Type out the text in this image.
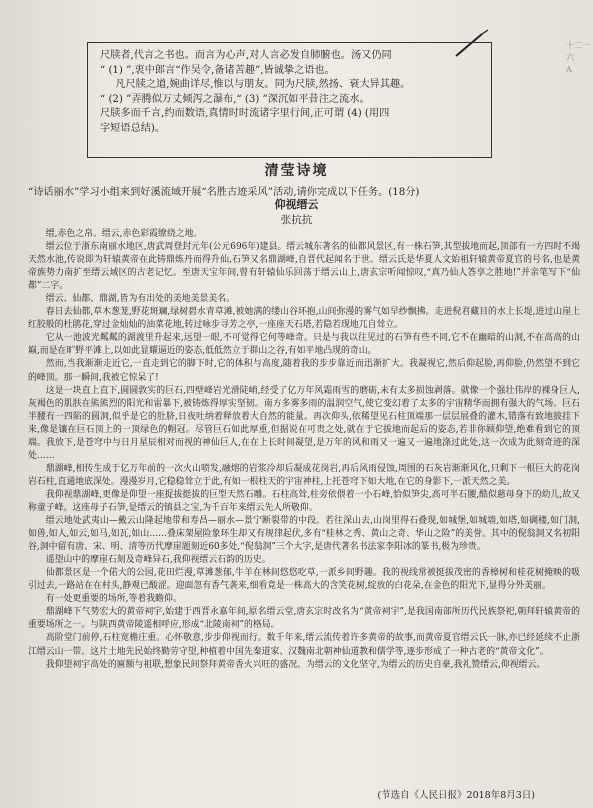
尺牍者,代言之书也。而言为心声,对人言必发自肺腑也。汤又仍同

“ (1) ”,衷中郎言“作吴令,备诸苦趣”,皆诚挚之语也。

凡尺牍之道,婉曲详尽,惟以与朋友。同为尺牍,然扬、衰大异其趣。

“ (2) ”弄腾似万丈倾泻之瀑布,“ (3) ”深沉如平昔注之流水。

尺牍多而千言,约而数语,真情时时流诸字里行间,正可谓 (4) (用四

字短语总结)。

清莹诗境
“诗话丽水”学习小组来到好溪流域开展“名胜古迹采风”活动,请你完成以下任务。(18分)
仰视缙云
张抗抗

缙,赤色之帛。缙云,赤色彩霞缭绕之地。

缙云位于浙东南丽水地区,唐武周登封元年(公元696年)建县。缙云城东著名的仙都风景区,有一株石笋,其型拔地而起,顶部有一方四时不竭天然水池,传说即为轩辕黄帝在此铸鼎炼丹而得升仙,石笋又名鼎湖峰,自晋代起闻名于世。缙云氏是华夏人文始祖轩辕黄帝夏官的号名,也是黄帝族势力南扩至缙云域区的古老记忆。至唐天宝年间,曾有轩辕仙乐回荡于缙云山上,唐玄宗听闻惊叹,“真乃仙人答享之胜地!”并亲笔写下“仙都”二字。

缙云、仙都、鼎湖,皆为有出处的美地美景美名。

春日去仙都,草木葱茏,野花斑斓,绿树碧水青草滩,被她满的缕山谷环抱,山间弥漫的雾气如早纱飘拂。走进倪君藏目的水上长堤,进过山崖上红胶般的杜鹃花,穿过金灿灿的油菜花地,转过咏步寻芳之亭,一座座天石塔,若隐若现地兀自耸立。

它从一池波光粼粼的湖渡里升起来,远望一眼,不可觉得它何等峰奇。只是与我以往见过的石笋有些不同,它不在幽暗的山洞,不在高高的山巅,而是在旷野平滩上,以如此显耀逼近的姿态,低低然立于群山之谷,有如平地凸现的奇山。

然而,当我渐渐走近它,一直走到它的脚下时,它的体积与高度,随着我的步步靠近而迅渐扩大。我凝视它,然后仰起脸,再仰脸,仍然望不到它的峰顶。那一瞬间,我被它惊呆了!

这是一块直上直下,圆圆敦实的巨石,四壁峰岩光滑陡峭,经受了亿万年风霜雨雪的磨砺,未有太多损蚀剥落。就像一个强壮伟岸的裸身巨人,灰褐色的肌肤在熊熊烈的阳光和雷暴下,被铸炼得厚实坚韧。南方多雾多雨的温润空气,使它变幻着了太多的宇宙精华而拥有强大的气场。巨石半腰有一四陷的圆洞,似乎是它的肚脐,日夜吐纳着释放着大自然的能量。再次仰头,依稀望见石柱顶端那一层层展叠的灌木,错落有致地披挂下来,像是镶在巨石顶上的一顶绿色的帽冠。尽管巨石如此厚重,但据说在可贵之处,就在于它拔地而起后的姿态,若非你顾仰望,绝难看到它的顶端。我放下,是苍穹中与日月星辰相对而视的神仙巨人,在在上长时间凝望,是万年的风和雨又一遍又一遍地涤过此处,这一次成为此刻奇迹的深处……

鼎湖峰,相传生成于亿万年前的一次火山喷发,融熔的岩浆冷却后凝成花岗岩,再后风雨侵蚀,周围的石灰岩渐渐风化,只剩下一根巨大的花岗岩石柱,直通地底深处。漫漫岁月,它稳稳耸立于此,有如一根柱天的宇宙神柱,上托苍穹下如大地,在它的身影下,一派天然之美。

我仰视鼎湖峰,更像是仰望一座捉拔挺拔的巨型天然石雕。石柱高耸,柱旁依偎着一小石峰,恰似笋尖,高可半石腰,酷似慈母身下的幼儿,故又称童子峰。这座母子石笋,是缙云的镇县之宝,为千百年来缙云先人所敬仰。

缙云地处武夷山—戴云山隆起地带和寿昌—丽水—景宁断裂带的中段。若往深山去,山岗里得石叠现,如城堡,如城墙,如塔,如碉楼,如门洞,如兽,如人,如云,如马,如瓦,如山……叠床架屋险象环生却又有规律起伏,多有“桂林之秀、黄山之奇、华山之险”的美誉。其中的倪翁洞又名初阳谷,洞中留有唐、宋、明、清等历代摩崖题刻近60多处,“倪翁洞”三个大字,是唐代著名书法家李阳冰的篆书,极为珍贵。

遥望山中的摩崖石刻及奇峰异石,我仰视缙云石韵的历史。

仙都景区是一个偌大的公园,花田烂漫,草滩葱郁,牛羊在林间悠悠吃草,一派乡间野趣。我的视线常被挺拔茂密的香樟树和桂花树掩映的吸引过去,一路站在在村头,静观已酸涩。迎面忽有香气袭来,细看竟是一株高大的含笑花树,绽放的白花朵,在金色的阳光下,显得分外美丽。

有一处更重要的场所,等着我瞻仰。

鼎湖峰下气势宏大的黄帝祠宇,始建于西晋永嘉年间,原名缙云堂,唐玄宗时改名为“黄帝祠宇”,是我国南部所历代民族祭祀,朝拜轩辕黄帝的重要场所之一。与陕西黄帝陵遥相呼应,形成“北陵南祠”的格局。

高阶堂门前停,石柱宽檐庄重。心怀敬意,步步仰视而行。数千年来,缙云流传着许多黄帝的故事,而黄帝夏官缙云氏一脉,亦已经延续不止浙江缙云山一带。这片土地先民始终勤劳守望,种植着中国先秦道家、汉魏南北朝神仙道教和儒学等,逐步形成了一种古老的“黄帝文化”。

我仰望祠宇高处的匾额与祖联,想象民间祭拜黄帝香火兴旺的盛况。为缙云的文化坚守,为缙云的历史自豪,我礼赞缙云,仰视缙云。

(节选自《人民日报》2018年8月3日)
十二一
六
A
